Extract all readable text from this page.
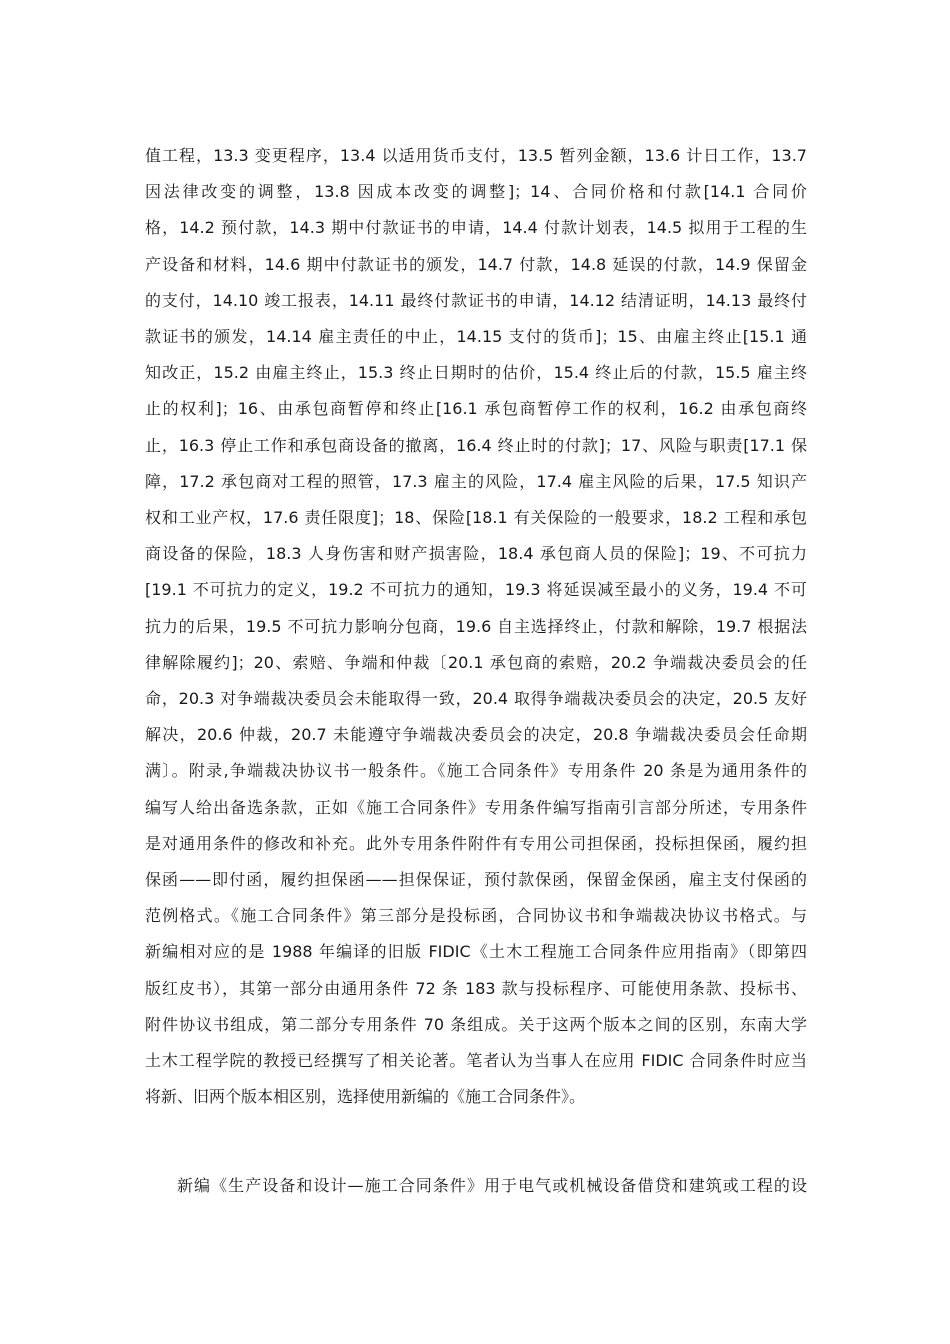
值工程，13.3 变更程序，13.4 以适用货币支付，13.5 暂列金额，13.6 计日工作，13.7
因法律改变的调整，13.8 因成本改变的调整]；14、合同价格和付款[14.1 合同价
格，14.2 预付款，14.3 期中付款证书的申请，14.4 付款计划表，14.5 拟用于工程的生
产设备和材料，14.6 期中付款证书的颁发，14.7 付款，14.8 延误的付款，14.9 保留金
的支付，14.10 竣工报表，14.11 最终付款证书的申请，14.12 结清证明，14.13 最终付
款证书的颁发，14.14 雇主责任的中止，14.15 支付的货币]；15、由雇主终止[15.1 通
知改正，15.2 由雇主终止，15.3 终止日期时的估价，15.4 终止后的付款，15.5 雇主终
止的权利]；16、由承包商暂停和终止[16.1 承包商暂停工作的权利，16.2 由承包商终
止，16.3 停止工作和承包商设备的撤离，16.4 终止时的付款]；17、风险与职责[17.1 保
障，17.2 承包商对工程的照管，17.3 雇主的风险，17.4 雇主风险的后果，17.5 知识产
权和工业产权，17.6 责任限度]；18、保险[18.1 有关保险的一般要求，18.2 工程和承包
商设备的保险，18.3 人身伤害和财产损害险，18.4 承包商人员的保险]；19、不可抗力
[19.1 不可抗力的定义，19.2 不可抗力的通知，19.3 将延误减至最小的义务，19.4 不可
抗力的后果，19.5 不可抗力影响分包商，19.6 自主选择终止，付款和解除，19.7 根据法
律解除履约]；20、索赔、争端和仲裁〔20.1 承包商的索赔，20.2 争端裁决委员会的任
命，20.3 对争端裁决委员会未能取得一致，20.4 取得争端裁决委员会的决定，20.5 友好
解决，20.6 仲裁，20.7 未能遵守争端裁决委员会的决定，20.8 争端裁决委员会任命期
满〕。附录,争端裁决协议书一般条件。《施工合同条件》专用条件 20 条是为通用条件的
编写人给出备选条款，正如《施工合同条件》专用条件编写指南引言部分所述，专用条件
是对通用条件的修改和补充。此外专用条件附件有专用公司担保函，投标担保函，履约担
保函——即付函，履约担保函——担保保证，预付款保函，保留金保函，雇主支付保函的
范例格式。《施工合同条件》第三部分是投标函，合同协议书和争端裁决协议书格式。与
新编相对应的是 1988 年编译的旧版 FIDIC《土木工程施工合同条件应用指南》（即第四
版红皮书），其第一部分由通用条件 72 条 183 款与投标程序、可能使用条款、投标书、
附件协议书组成，第二部分专用条件 70 条组成。关于这两个版本之间的区别，东南大学
土木工程学院的教授已经撰写了相关论著。笔者认为当事人在应用 FIDIC 合同条件时应当
将新、旧两个版本相区别，选择使用新编的《施工合同条件》。
新编《生产设备和设计—施工合同条件》用于电气或机械设备借贷和建筑或工程的设
